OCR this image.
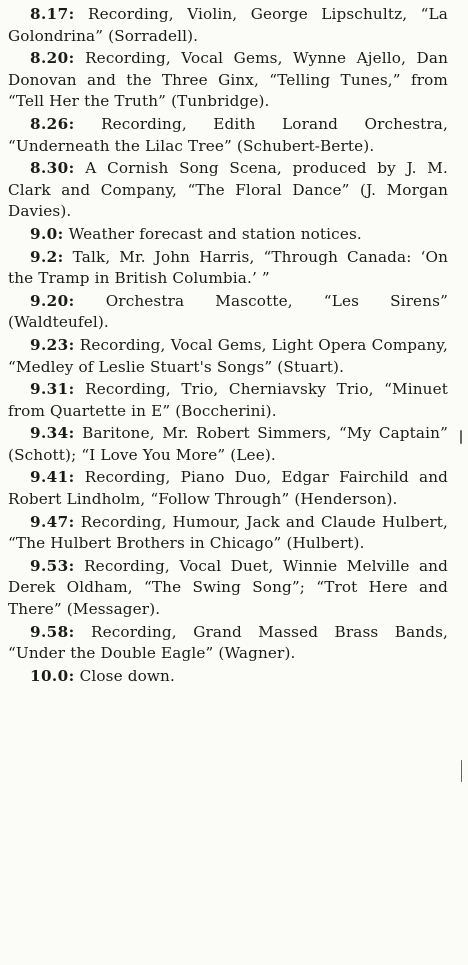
8.17: Recording, Violin, George Lipschultz, “La Golondrina” (Sorradell).

8.20: Recording, Vocal Gems, Wynne Ajello, Dan Donovan and the Three Ginx, “Telling Tunes,” from “Tell Her the Truth” (Tunbridge).

8.26: Recording, Edith Lorand Orchestra, “Underneath the Lilac Tree” (Schubert-Berte).

8.30: A Cornish Song Scena, produced by J. M. Clark and Company, “The Floral Dance” (J. Morgan Davies).

9.0: Weather forecast and station notices.

9.2: Talk, Mr. John Harris, “Through Canada: ‘On the Tramp in British Columbia.’ ”

9.20: Orchestra Mascotte, “Les Sirens” (Waldteufel).

9.23: Recording, Vocal Gems, Light Opera Company, “Medley of Leslie Stuart's Songs” (Stuart).

9.31: Recording, Trio, Cherniavsky Trio, “Minuet from Quartette in E” (Boccherini).

9.34: Baritone, Mr. Robert Simmers, “My Captain” (Schott); “I Love You More” (Lee).

9.41: Recording, Piano Duo, Edgar Fairchild and Robert Lindholm, “Follow Through” (Henderson).

9.47: Recording, Humour, Jack and Claude Hulbert, “The Hulbert Brothers in Chicago” (Hulbert).

9.53: Recording, Vocal Duet, Winnie Melville and Derek Oldham, “The Swing Song”; “Trot Here and There” (Messager).

9.58: Recording, Grand Massed Brass Bands, “Under the Double Eagle” (Wagner).

10.0: Close down.
